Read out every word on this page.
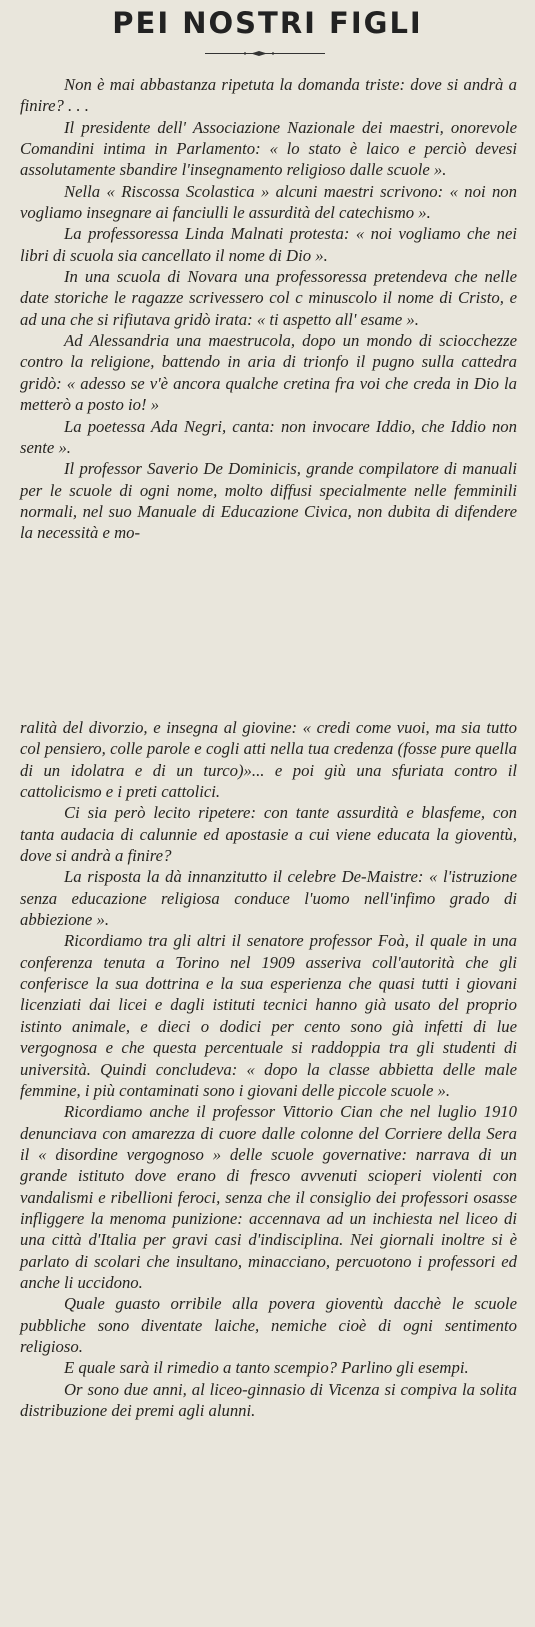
PEI NOSTRI FIGLI

Non è mai abbastanza ripetuta la domanda triste: dove si andrà a finire? . . .

Il presidente dell' Associazione Nazionale dei maestri, onorevole Comandini intima in Parlamento: « lo stato è laico e perciò devesi assolutamente sbandire l'insegnamento religioso dalle scuole ».

Nella « Riscossa Scolastica » alcuni maestri scrivono: « noi non vogliamo insegnare ai fanciulli le assurdità del catechismo ».

La professoressa Linda Malnati protesta: « noi vogliamo che nei libri di scuola sia cancellato il nome di Dio ».

In una scuola di Novara una professoressa pretendeva che nelle date storiche le ragazze scrivessero col c minuscolo il nome di Cristo, e ad una che si rifiutava gridò irata: « ti aspetto all' esame ».

Ad Alessandria una maestrucola, dopo un mondo di sciocchezze contro la religione, battendo in aria di trionfo il pugno sulla cattedra gridò: « adesso se v'è ancora qualche cretina fra voi che creda in Dio la metterò a posto io! »

La poetessa Ada Negri, canta: non invocare Iddio, che Iddio non sente ».

Il professor Saverio De Dominicis, grande compilatore di manuali per le scuole di ogni nome, molto diffusi specialmente nelle femminili normali, nel suo Manuale di Educazione Civica, non dubita di difendere la necessità e mo-

ralità del divorzio, e insegna al giovine: « credi come vuoi, ma sia tutto col pensiero, colle parole e cogli atti nella tua credenza (fosse pure quella di un idolatra e di un turco)»... e poi giù una sfuriata contro il cattolicismo e i preti cattolici.

Ci sia però lecito ripetere: con tante assurdità e blasfeme, con tanta audacia di calunnie ed apostasie a cui viene educata la gioventù, dove si andrà a finire?

La risposta la dà innanzitutto il celebre De-Maistre: « l'istruzione senza educazione religiosa conduce l'uomo nell'infimo grado di abbiezione ».

Ricordiamo tra gli altri il senatore professor Foà, il quale in una conferenza tenuta a Torino nel 1909 asseriva coll'autorità che gli conferisce la sua dottrina e la sua esperienza che quasi tutti i giovani licenziati dai licei e dagli istituti tecnici hanno già usato del proprio istinto animale, e dieci o dodici per cento sono già infetti di lue vergognosa e che questa percentuale si raddoppia tra gli studenti di università. Quindi concludeva: « dopo la classe abbietta delle male femmine, i più contaminati sono i giovani delle piccole scuole ».

Ricordiamo anche il professor Vittorio Cian che nel luglio 1910 denunciava con amarezza di cuore dalle colonne del Corriere della Sera il « disordine vergognoso » delle scuole governative: narrava di un grande istituto dove erano di fresco avvenuti scioperi violenti con vandalismi e ribellioni feroci, senza che il consiglio dei professori osasse infliggere la menoma punizione: accennava ad un inchiesta nel liceo di una città d'Italia per gravi casi d'indisciplina. Nei giornali inoltre si è parlato di scolari che insultano, minacciano, percuotono i professori ed anche li uccidono.

Quale guasto orribile alla povera gioventù dacchè le scuole pubbliche sono diventate laiche, nemiche cioè di ogni sentimento religioso.

E quale sarà il rimedio a tanto scempio? Parlino gli esempi.

Or sono due anni, al liceo-ginnasio di Vicenza si compiva la solita distribuzione dei premi agli alunni.
